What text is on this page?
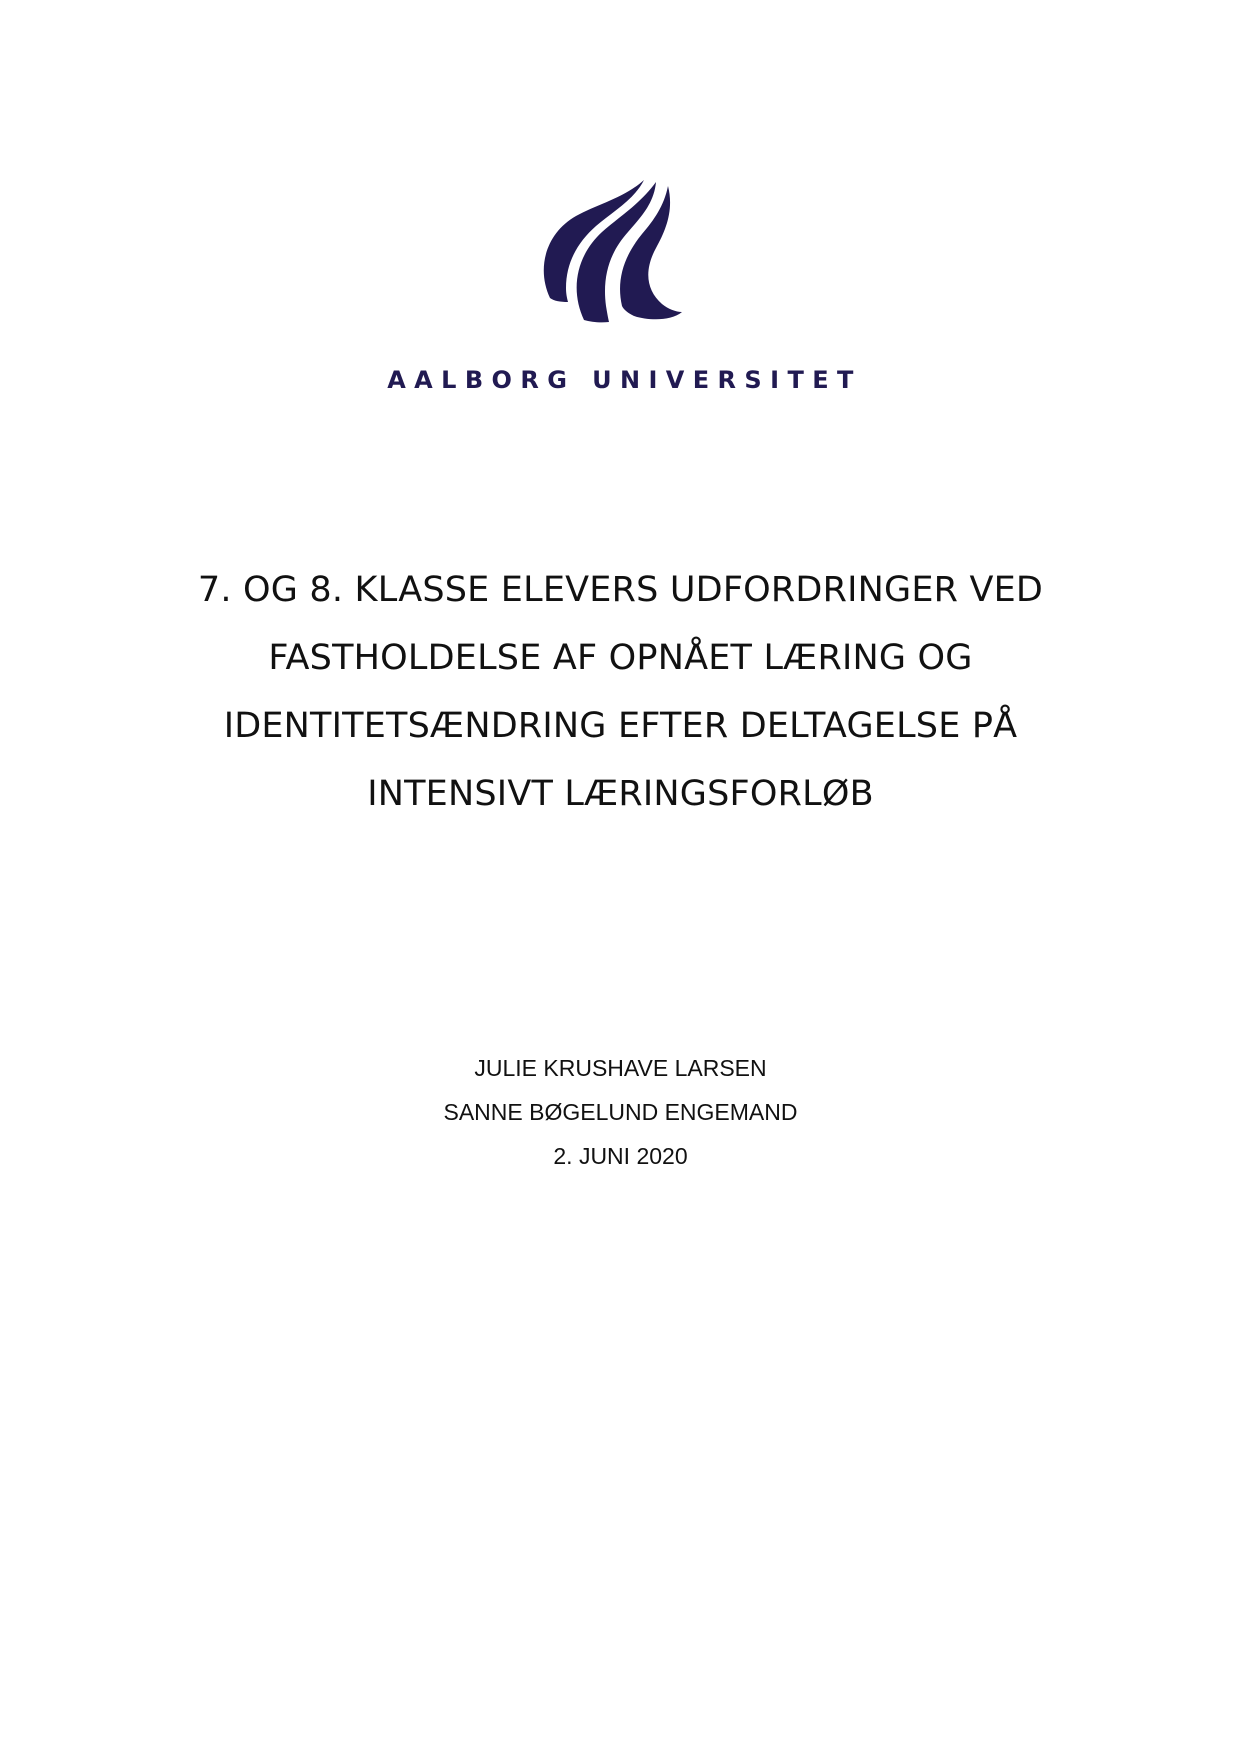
AALBORG UNIVERSITET
7. OG 8. KLASSE ELEVERS UDFORDRINGER VED
FASTHOLDELSE AF OPNÅET LÆRING OG
IDENTITETSÆNDRING EFTER DELTAGELSE PÅ
INTENSIVT LÆRINGSFORLØB
JULIE KRUSHAVE LARSEN
SANNE BØGELUND ENGEMAND
2. JUNI 2020
